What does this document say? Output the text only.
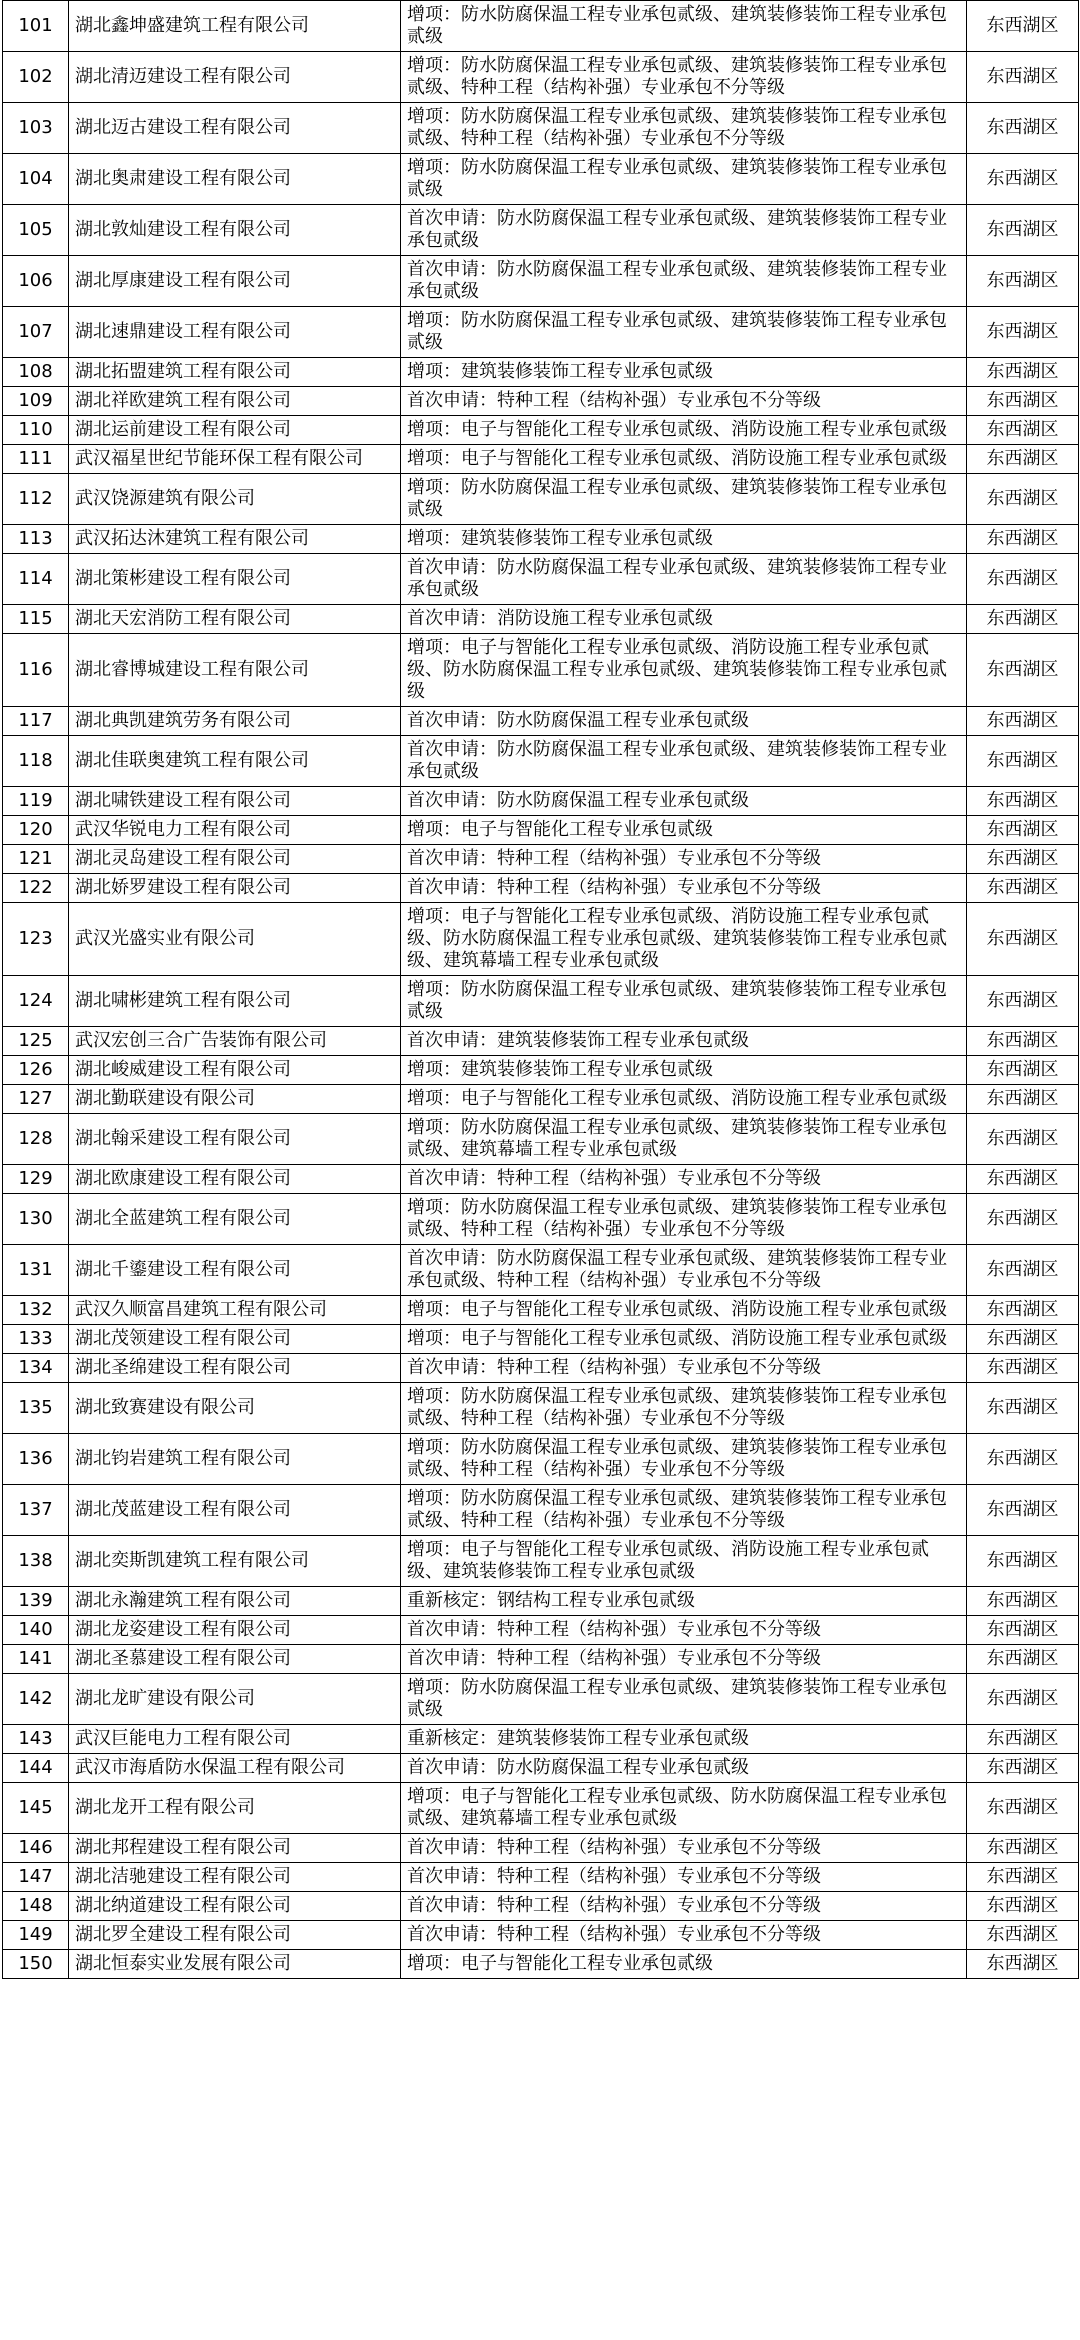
101	湖北鑫坤盛建筑工程有限公司	增项：防水防腐保温工程专业承包贰级、建筑装修装饰工程专业承包贰级	东西湖区
102	湖北清迈建设工程有限公司	增项：防水防腐保温工程专业承包贰级、建筑装修装饰工程专业承包贰级、特种工程（结构补强）专业承包不分等级	东西湖区
103	湖北迈古建设工程有限公司	增项：防水防腐保温工程专业承包贰级、建筑装修装饰工程专业承包贰级、特种工程（结构补强）专业承包不分等级	东西湖区
104	湖北奥肃建设工程有限公司	增项：防水防腐保温工程专业承包贰级、建筑装修装饰工程专业承包贰级	东西湖区
105	湖北敦灿建设工程有限公司	首次申请：防水防腐保温工程专业承包贰级、建筑装修装饰工程专业承包贰级	东西湖区
106	湖北厚康建设工程有限公司	首次申请：防水防腐保温工程专业承包贰级、建筑装修装饰工程专业承包贰级	东西湖区
107	湖北速鼎建设工程有限公司	增项：防水防腐保温工程专业承包贰级、建筑装修装饰工程专业承包贰级	东西湖区
108	湖北拓盟建筑工程有限公司	增项：建筑装修装饰工程专业承包贰级	东西湖区
109	湖北祥欧建筑工程有限公司	首次申请：特种工程（结构补强）专业承包不分等级	东西湖区
110	湖北运前建设工程有限公司	增项：电子与智能化工程专业承包贰级、消防设施工程专业承包贰级	东西湖区
111	武汉福星世纪节能环保工程有限公司	增项：电子与智能化工程专业承包贰级、消防设施工程专业承包贰级	东西湖区
112	武汉饶源建筑有限公司	增项：防水防腐保温工程专业承包贰级、建筑装修装饰工程专业承包贰级	东西湖区
113	武汉拓达沐建筑工程有限公司	增项：建筑装修装饰工程专业承包贰级	东西湖区
114	湖北策彬建设工程有限公司	首次申请：防水防腐保温工程专业承包贰级、建筑装修装饰工程专业承包贰级	东西湖区
115	湖北天宏消防工程有限公司	首次申请：消防设施工程专业承包贰级	东西湖区
116	湖北睿博城建设工程有限公司	增项：电子与智能化工程专业承包贰级、消防设施工程专业承包贰级、防水防腐保温工程专业承包贰级、建筑装修装饰工程专业承包贰级	东西湖区
117	湖北典凯建筑劳务有限公司	首次申请：防水防腐保温工程专业承包贰级	东西湖区
118	湖北佳联奥建筑工程有限公司	首次申请：防水防腐保温工程专业承包贰级、建筑装修装饰工程专业承包贰级	东西湖区
119	湖北啸铁建设工程有限公司	首次申请：防水防腐保温工程专业承包贰级	东西湖区
120	武汉华锐电力工程有限公司	增项：电子与智能化工程专业承包贰级	东西湖区
121	湖北灵岛建设工程有限公司	首次申请：特种工程（结构补强）专业承包不分等级	东西湖区
122	湖北娇罗建设工程有限公司	首次申请：特种工程（结构补强）专业承包不分等级	东西湖区
123	武汉光盛实业有限公司	增项：电子与智能化工程专业承包贰级、消防设施工程专业承包贰级、防水防腐保温工程专业承包贰级、建筑装修装饰工程专业承包贰级、建筑幕墙工程专业承包贰级	东西湖区
124	湖北啸彬建筑工程有限公司	增项：防水防腐保温工程专业承包贰级、建筑装修装饰工程专业承包贰级	东西湖区
125	武汉宏创三合广告装饰有限公司	首次申请：建筑装修装饰工程专业承包贰级	东西湖区
126	湖北峻威建设工程有限公司	增项：建筑装修装饰工程专业承包贰级	东西湖区
127	湖北勤联建设有限公司	增项：电子与智能化工程专业承包贰级、消防设施工程专业承包贰级	东西湖区
128	湖北翰采建设工程有限公司	增项：防水防腐保温工程专业承包贰级、建筑装修装饰工程专业承包贰级、建筑幕墙工程专业承包贰级	东西湖区
129	湖北欧康建设工程有限公司	首次申请：特种工程（结构补强）专业承包不分等级	东西湖区
130	湖北全蓝建筑工程有限公司	增项：防水防腐保温工程专业承包贰级、建筑装修装饰工程专业承包贰级、特种工程（结构补强）专业承包不分等级	东西湖区
131	湖北千鎏建设工程有限公司	首次申请：防水防腐保温工程专业承包贰级、建筑装修装饰工程专业承包贰级、特种工程（结构补强）专业承包不分等级	东西湖区
132	武汉久顺富昌建筑工程有限公司	增项：电子与智能化工程专业承包贰级、消防设施工程专业承包贰级	东西湖区
133	湖北茂领建设工程有限公司	增项：电子与智能化工程专业承包贰级、消防设施工程专业承包贰级	东西湖区
134	湖北圣绵建设工程有限公司	首次申请：特种工程（结构补强）专业承包不分等级	东西湖区
135	湖北致赛建设有限公司	增项：防水防腐保温工程专业承包贰级、建筑装修装饰工程专业承包贰级、特种工程（结构补强）专业承包不分等级	东西湖区
136	湖北钧岩建筑工程有限公司	增项：防水防腐保温工程专业承包贰级、建筑装修装饰工程专业承包贰级、特种工程（结构补强）专业承包不分等级	东西湖区
137	湖北茂蓝建设工程有限公司	增项：防水防腐保温工程专业承包贰级、建筑装修装饰工程专业承包贰级、特种工程（结构补强）专业承包不分等级	东西湖区
138	湖北奕斯凯建筑工程有限公司	增项：电子与智能化工程专业承包贰级、消防设施工程专业承包贰级、建筑装修装饰工程专业承包贰级	东西湖区
139	湖北永瀚建筑工程有限公司	重新核定：钢结构工程专业承包贰级	东西湖区
140	湖北龙姿建设工程有限公司	首次申请：特种工程（结构补强）专业承包不分等级	东西湖区
141	湖北圣慕建设工程有限公司	首次申请：特种工程（结构补强）专业承包不分等级	东西湖区
142	湖北龙旷建设有限公司	增项：防水防腐保温工程专业承包贰级、建筑装修装饰工程专业承包贰级	东西湖区
143	武汉巨能电力工程有限公司	重新核定：建筑装修装饰工程专业承包贰级	东西湖区
144	武汉市海盾防水保温工程有限公司	首次申请：防水防腐保温工程专业承包贰级	东西湖区
145	湖北龙开工程有限公司	增项：电子与智能化工程专业承包贰级、防水防腐保温工程专业承包贰级、建筑幕墙工程专业承包贰级	东西湖区
146	湖北邦程建设工程有限公司	首次申请：特种工程（结构补强）专业承包不分等级	东西湖区
147	湖北洁驰建设工程有限公司	首次申请：特种工程（结构补强）专业承包不分等级	东西湖区
148	湖北纳道建设工程有限公司	首次申请：特种工程（结构补强）专业承包不分等级	东西湖区
149	湖北罗全建设工程有限公司	首次申请：特种工程（结构补强）专业承包不分等级	东西湖区
150	湖北恒泰实业发展有限公司	增项：电子与智能化工程专业承包贰级	东西湖区
